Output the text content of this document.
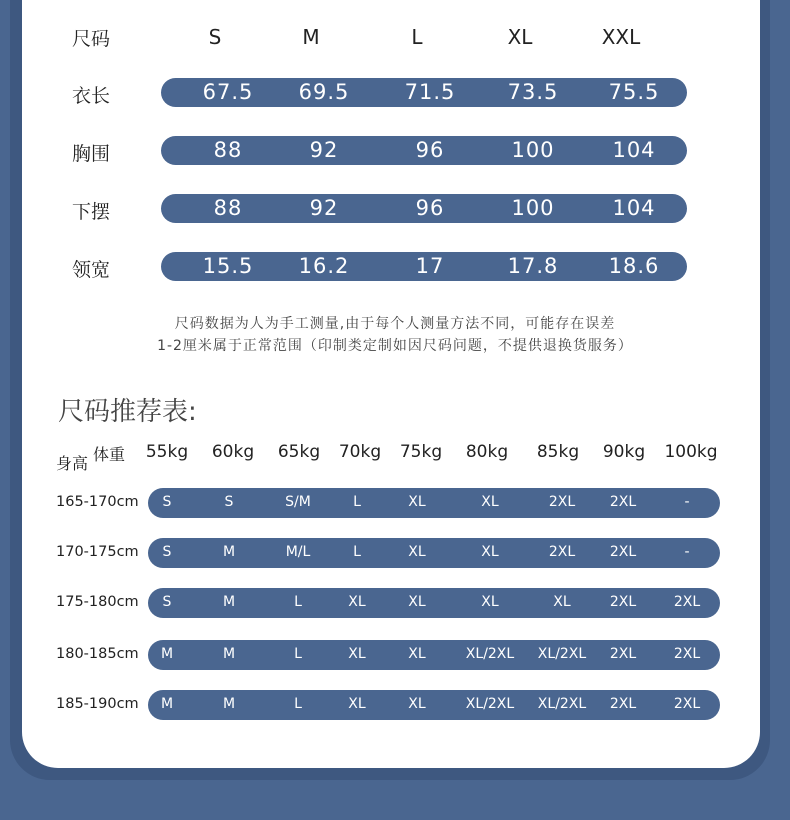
尺码	S	M	L	XL	XXL
衣长	67.5	69.5	71.5	73.5	75.5
胸围	88	92	96	100	104
下摆	88	92	96	100	104
领宽	15.5	16.2	17	17.8	18.6
尺码数据为人为手工测量,由于每个人测量方法不同，可能存在误差
1-2厘米属于正常范围（印制类定制如因尺码问题，不提供退换货服务）
尺码推荐表:
身高 体重	55kg	60kg	65kg	70kg	75kg	80kg	85kg	90kg	100kg
165-170cm	S	S	S/M	L	XL	XL	2XL	2XL	-
170-175cm	S	M	M/L	L	XL	XL	2XL	2XL	-
175-180cm	S	M	L	XL	XL	XL	XL	2XL	2XL
180-185cm	M	M	L	XL	XL	XL/2XL	XL/2XL	2XL	2XL
185-190cm	M	M	L	XL	XL	XL/2XL	XL/2XL	2XL	2XL
